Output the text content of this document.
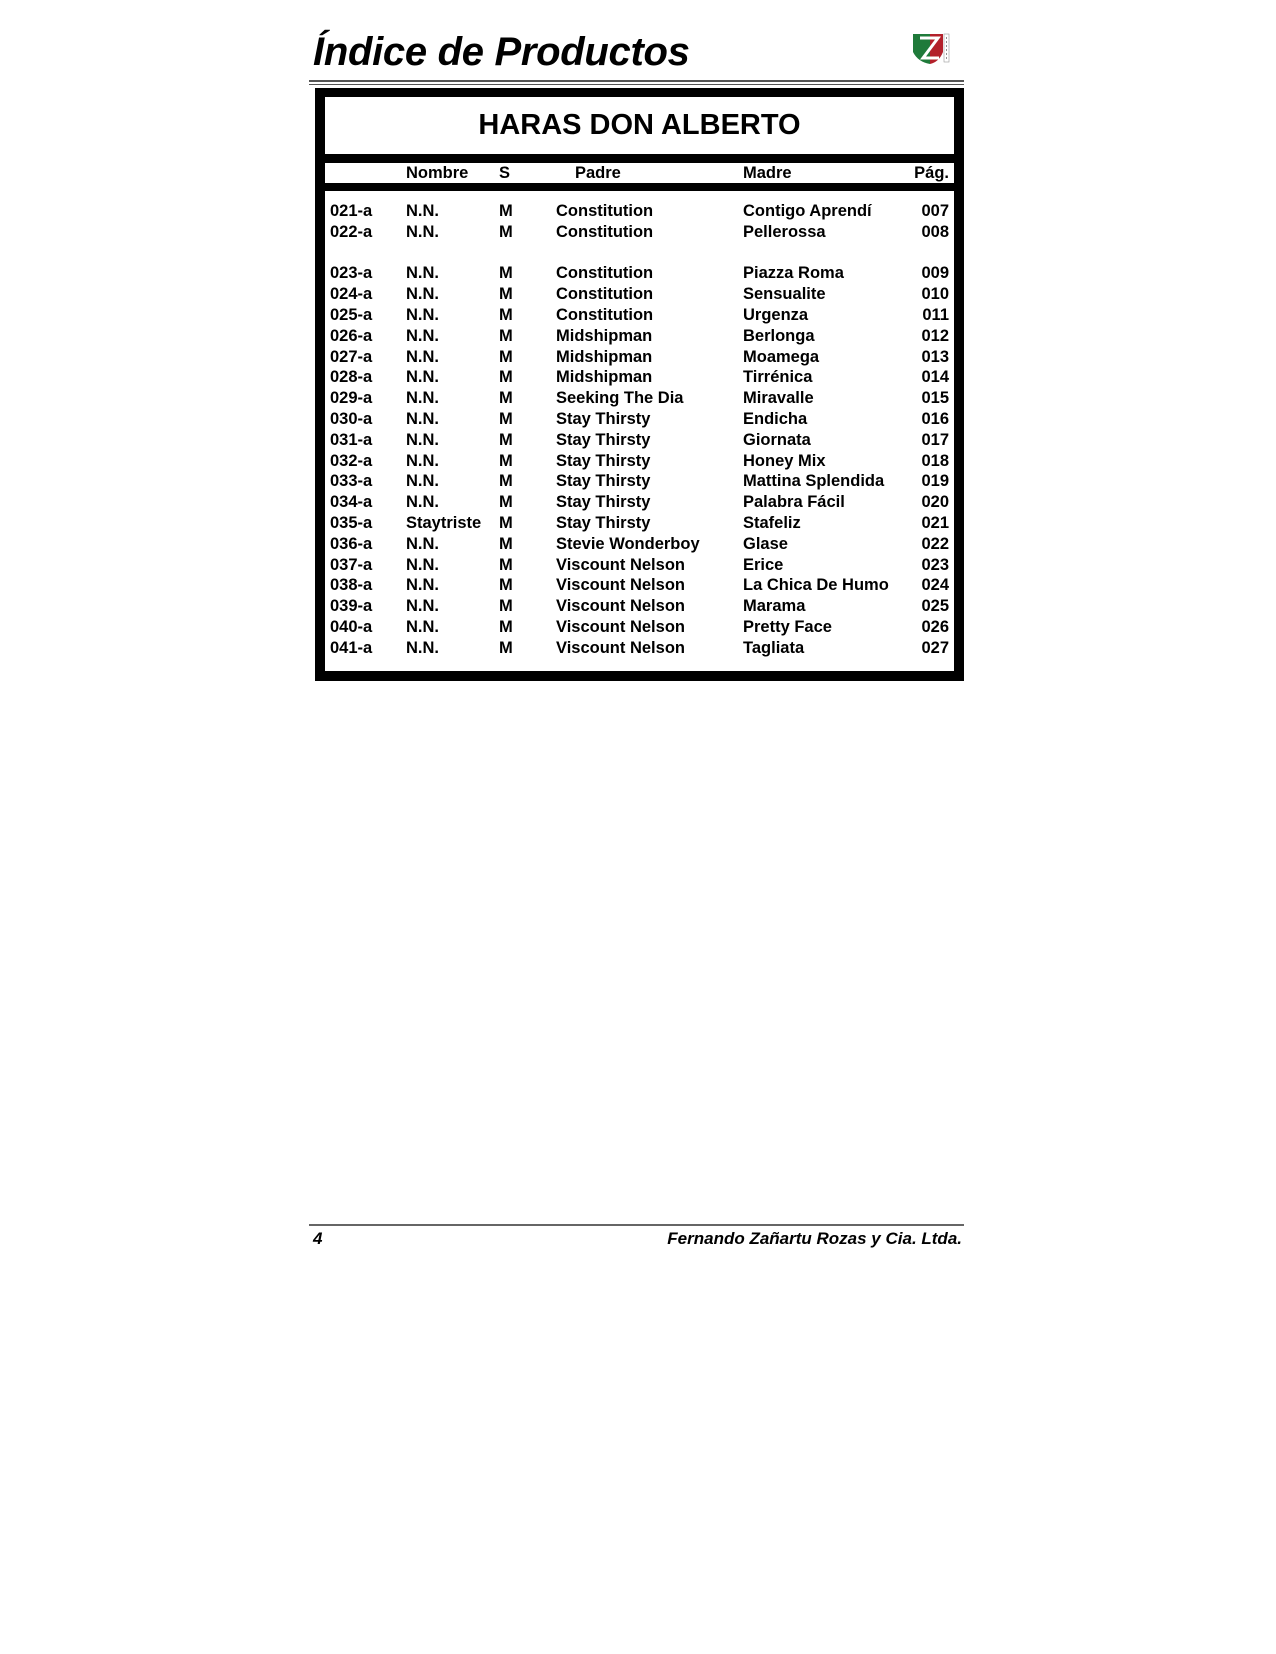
Índice de Productos
HARAS DON ALBERTO
Nombre S	Padre	Madre	Pág.
021-a N.N.	M	Constitution	Contigo Aprendí	007
022-a N.N.	M	Constitution	Pellerossa	008
023-a N.N.	M	Constitution	Piazza Roma	009
024-a N.N.	M	Constitution	Sensualite	010
025-a N.N.	M	Constitution	Urgenza	011
026-a N.N.	M	Midshipman	Berlonga	012
027-a N.N.	M	Midshipman	Moamega	013
028-a N.N.	M	Midshipman	Tirrénica	014
029-a N.N.	M	Seeking The Dia	Miravalle	015
030-a N.N.	M	Stay Thirsty	Endicha	016
031-a N.N.	M	Stay Thirsty	Giornata	017
032-a N.N.	M	Stay Thirsty	Honey Mix	018
033-a N.N.	M	Stay Thirsty	Mattina Splendida 019
034-a N.N.	M	Stay Thirsty	Palabra Fácil	020
035-a Staytriste M	Stay Thirsty	Stafeliz	021
036-a N.N.	M	Stevie Wonderboy	Glase	022
037-a N.N.	M	Viscount Nelson	Erice	023
038-a N.N.	M	Viscount Nelson	La Chica De Humo 024
039-a N.N.	M	Viscount Nelson	Marama	025
040-a N.N.	M	Viscount Nelson	Pretty Face	026
041-a N.N.	M	Viscount Nelson	Tagliata	027
4	Fernando Zañartu Rozas y Cia. Ltda.
